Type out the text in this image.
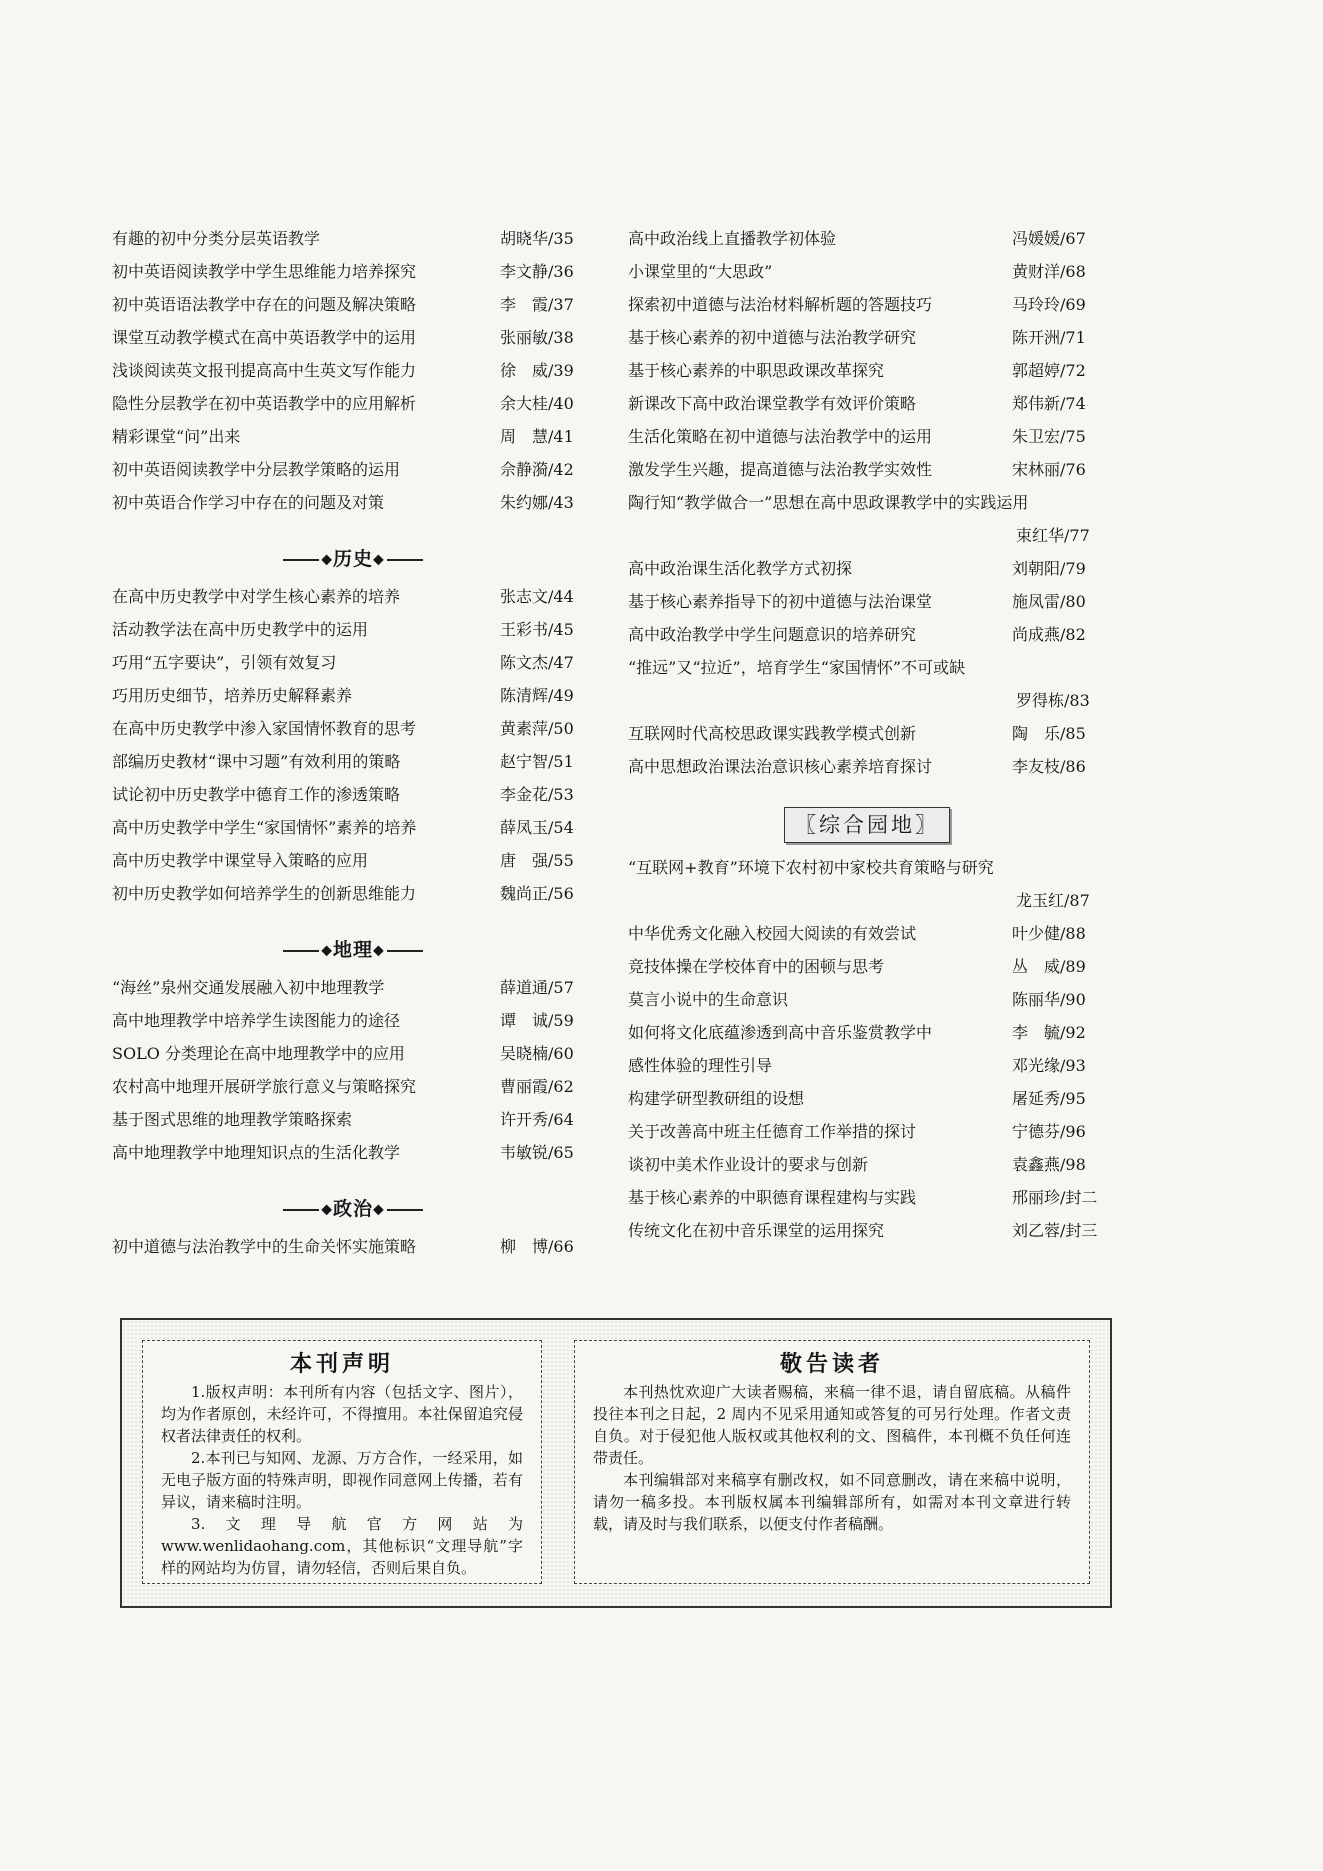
有趣的初中分类分层英语教学	胡晓华/35
初中英语阅读教学中学生思维能力培养探究	李文静/36
初中英语语法教学中存在的问题及解决策略	李　霞/37
课堂互动教学模式在高中英语教学中的运用	张丽敏/38
浅谈阅读英文报刊提高高中生英文写作能力	徐　威/39
隐性分层教学在初中英语教学中的应用解析	余大桂/40
精彩课堂“问”出来	周　慧/41
初中英语阅读教学中分层教学策略的运用	佘静漪/42
初中英语合作学习中存在的问题及对策	朱约娜/43
◆历史◆
在高中历史教学中对学生核心素养的培养	张志文/44
活动教学法在高中历史教学中的运用	王彩书/45
巧用“五字要诀”，引领有效复习	陈文杰/47
巧用历史细节，培养历史解释素养	陈清辉/49
在高中历史教学中渗入家国情怀教育的思考	黄素萍/50
部编历史教材“课中习题”有效利用的策略	赵宁智/51
试论初中历史教学中德育工作的渗透策略	李金花/53
高中历史教学中学生“家国情怀”素养的培养	薛凤玉/54
高中历史教学中课堂导入策略的应用	唐　强/55
初中历史教学如何培养学生的创新思维能力	魏尚正/56
◆地理◆
“海丝”泉州交通发展融入初中地理教学	薛道通/57
高中地理教学中培养学生读图能力的途径	谭　诚/59
SOLO 分类理论在高中地理教学中的应用	吴晓楠/60
农村高中地理开展研学旅行意义与策略探究	曹丽霞/62
基于图式思维的地理教学策略探索	许开秀/64
高中地理教学中地理知识点的生活化教学	韦敏锐/65
◆政治◆
初中道德与法治教学中的生命关怀实施策略	柳　博/66
高中政治线上直播教学初体验	冯媛媛/67
小课堂里的“大思政”	黄财洋/68
探索初中道德与法治材料解析题的答题技巧	马玲玲/69
基于核心素养的初中道德与法治教学研究	陈开洲/71
基于核心素养的中职思政课改革探究	郭超婷/72
新课改下高中政治课堂教学有效评价策略	郑伟新/74
生活化策略在初中道德与法治教学中的运用	朱卫宏/75
激发学生兴趣，提高道德与法治教学实效性	宋林丽/76
陶行知“教学做合一”思想在高中思政课教学中的实践运用
束红华/77
高中政治课生活化教学方式初探	刘朝阳/79
基于核心素养指导下的初中道德与法治课堂	施凤雷/80
高中政治教学中学生问题意识的培养研究	尚成燕/82
“推远”又“拉近”，培育学生“家国情怀”不可或缺
罗得栋/83
互联网时代高校思政课实践教学模式创新	陶　乐/85
高中思想政治课法治意识核心素养培育探讨	李友枝/86
〖综合园地〗
“互联网+教育”环境下农村初中家校共育策略与研究
龙玉红/87
中华优秀文化融入校园大阅读的有效尝试	叶少健/88
竞技体操在学校体育中的困顿与思考	丛　威/89
莫言小说中的生命意识	陈丽华/90
如何将文化底蕴渗透到高中音乐鉴赏教学中	李　毓/92
感性体验的理性引导	邓光缘/93
构建学研型教研组的设想	屠延秀/95
关于改善高中班主任德育工作举措的探讨	宁德芬/96
谈初中美术作业设计的要求与创新	袁鑫燕/98
基于核心素养的中职德育课程建构与实践	邢丽珍/封二
传统文化在初中音乐课堂的运用探究	刘乙蓉/封三
本刊声明

1.版权声明：本刊所有内容（包括文字、图片），均为作者原创，未经许可，不得擅用。本社保留追究侵权者法律责任的权利。

2.本刊已与知网、龙源、万方合作，一经采用，如无电子版方面的特殊声明，即视作同意网上传播，若有异议，请来稿时注明。

3.文理导航官方网站为 www.wenlidaohang.com，其他标识“文理导航”字样的网站均为仿冒，请勿轻信，否则后果自负。

敬告读者

本刊热忱欢迎广大读者赐稿，来稿一律不退，请自留底稿。从稿件投往本刊之日起，2 周内不见采用通知或答复的可另行处理。作者文责自负。对于侵犯他人版权或其他权利的文、图稿件，本刊概不负任何连带责任。

本刊编辑部对来稿享有删改权，如不同意删改，请在来稿中说明，请勿一稿多投。本刊版权属本刊编辑部所有，如需对本刊文章进行转载，请及时与我们联系，以便支付作者稿酬。
